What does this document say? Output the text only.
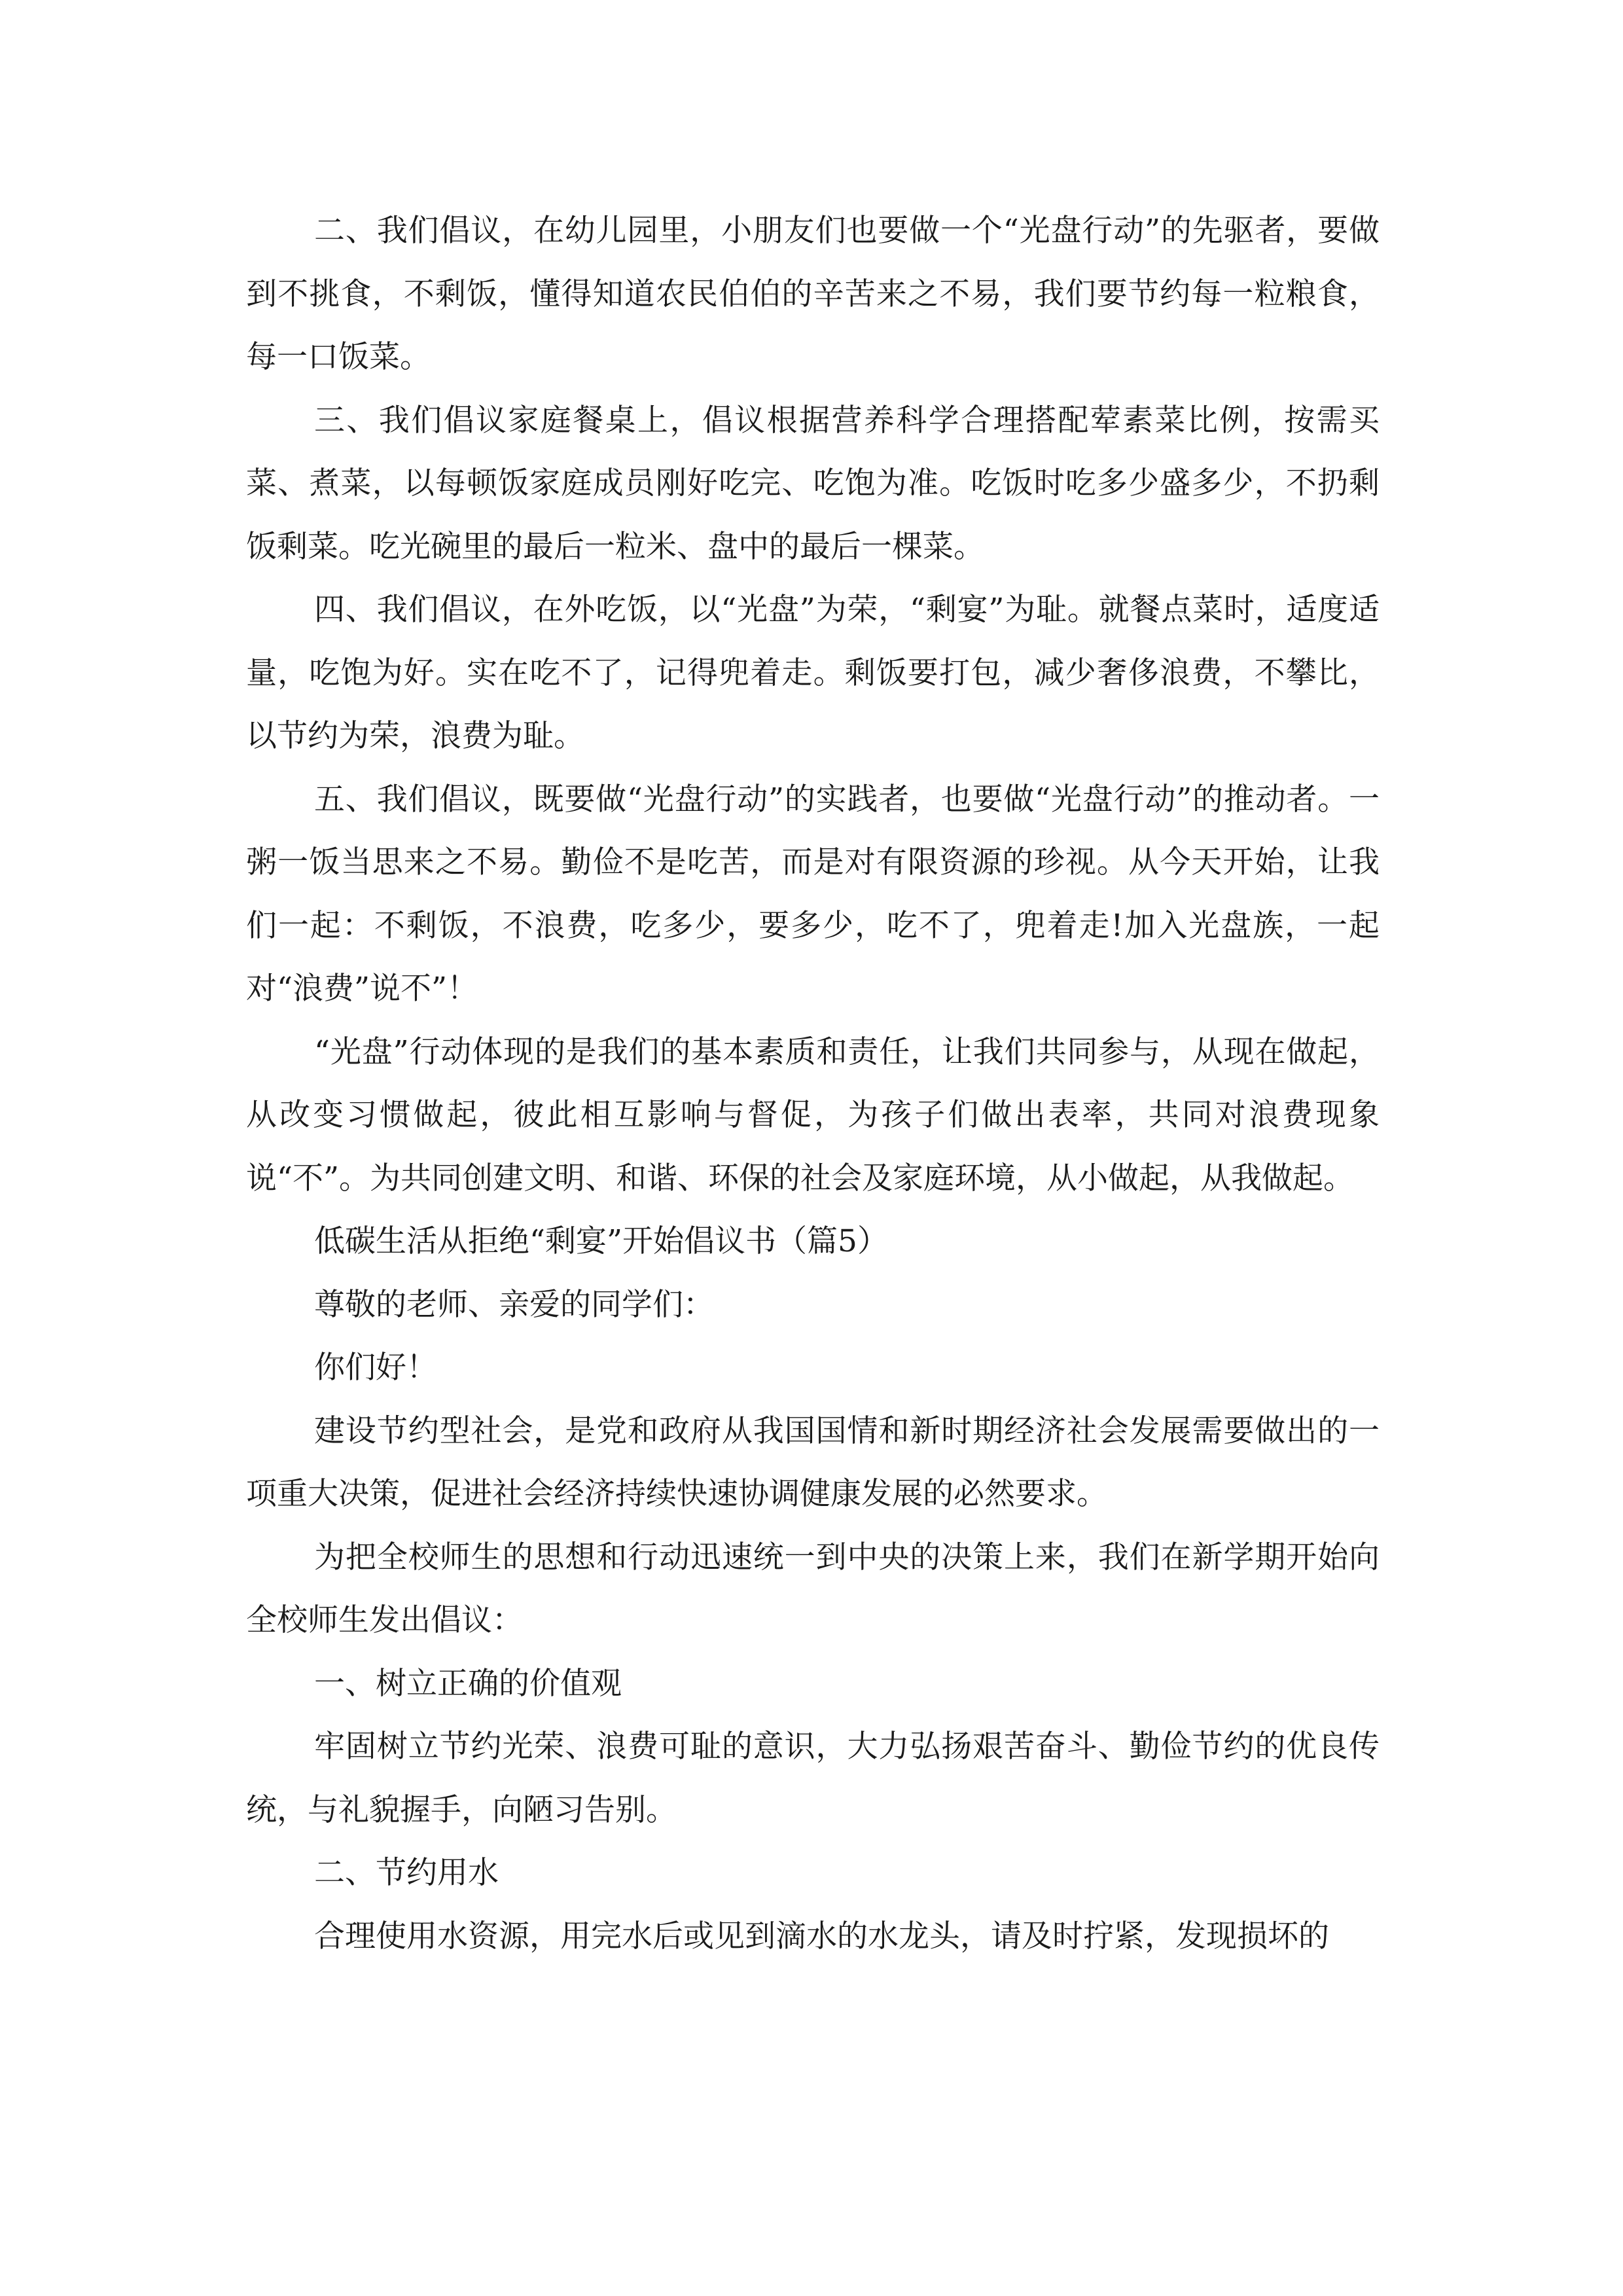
二、我们倡议，在幼儿园里，小朋友们也要做一个“光盘行动”的先驱者，要做到不挑食，不剩饭，懂得知道农民伯伯的辛苦来之不易，我们要节约每一粒粮食，每一口饭菜。

三、我们倡议家庭餐桌上，倡议根据营养科学合理搭配荤素菜比例，按需买菜、煮菜，以每顿饭家庭成员刚好吃完、吃饱为准。吃饭时吃多少盛多少，不扔剩饭剩菜。吃光碗里的最后一粒米、盘中的最后一棵菜。

四、我们倡议，在外吃饭，以“光盘”为荣，“剩宴”为耻。就餐点菜时，适度适量，吃饱为好。实在吃不了，记得兜着走。剩饭要打包，减少奢侈浪费，不攀比，以节约为荣，浪费为耻。

五、我们倡议，既要做“光盘行动”的实践者，也要做“光盘行动”的推动者。一粥一饭当思来之不易。勤俭不是吃苦，而是对有限资源的珍视。从今天开始，让我们一起：不剩饭，不浪费，吃多少，要多少，吃不了，兜着走!加入光盘族，一起对“浪费”说不”！

“光盘”行动体现的是我们的基本素质和责任，让我们共同参与，从现在做起，从改变习惯做起，彼此相互影响与督促，为孩子们做出表率，共同对浪费现象说“不”。为共同创建文明、和谐、环保的社会及家庭环境，从小做起，从我做起。

低碳生活从拒绝“剩宴”开始倡议书（篇5）

尊敬的老师、亲爱的同学们：

你们好！

建设节约型社会，是党和政府从我国国情和新时期经济社会发展需要做出的一项重大决策，促进社会经济持续快速协调健康发展的必然要求。

为把全校师生的思想和行动迅速统一到中央的决策上来，我们在新学期开始向全校师生发出倡议：

一、树立正确的价值观

牢固树立节约光荣、浪费可耻的意识，大力弘扬艰苦奋斗、勤俭节约的优良传统，与礼貌握手，向陋习告别。

二、节约用水

合理使用水资源，用完水后或见到滴水的水龙头，请及时拧紧，发现损坏的
